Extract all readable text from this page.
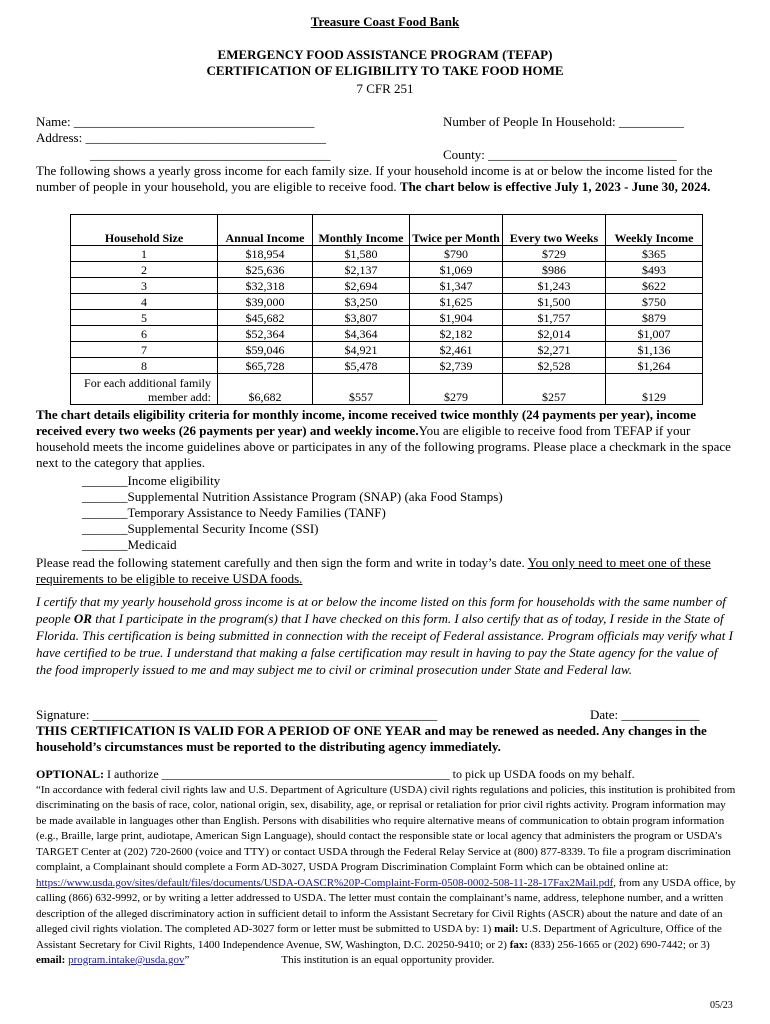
Treasure Coast Food Bank
EMERGENCY FOOD ASSISTANCE PROGRAM (TEFAP)
CERTIFICATION OF ELIGIBILITY TO TAKE FOOD HOME
7 CFR 251
Name: _____________________________________	Number of People In Household: __________
Address: _____________________________________
_____________________________________	County: _____________________________
The following shows a yearly gross income for each family size. If your household income is at or below the income listed for the number of people in your household, you are eligible to receive food. The chart below is effective July 1, 2023 - June 30, 2024.
Household Size	Annual Income	Monthly Income	Twice per Month	Every two Weeks	Weekly Income
1	$18,954	$1,580	$790	$729	$365
2	$25,636	$2,137	$1,069	$986	$493
3	$32,318	$2,694	$1,347	$1,243	$622
4	$39,000	$3,250	$1,625	$1,500	$750
5	$45,682	$3,807	$1,904	$1,757	$879
6	$52,364	$4,364	$2,182	$2,014	$1,007
7	$59,046	$4,921	$2,461	$2,271	$1,136
8	$65,728	$5,478	$2,739	$2,528	$1,264
For each additional family member add:	$6,682	$557	$279	$257	$129
The chart details eligibility criteria for monthly income, income received twice monthly (24 payments per year), income received every two weeks (26 payments per year) and weekly income.You are eligible to receive food from TEFAP if your household meets the income guidelines above or participates in any of the following programs. Please place a checkmark in the space next to the category that applies.
_______Income eligibility
_______Supplemental Nutrition Assistance Program (SNAP) (aka Food Stamps)
_______Temporary Assistance to Needy Families (TANF)
_______Supplemental Security Income (SSI)
_______Medicaid
Please read the following statement carefully and then sign the form and write in today’s date. You only need to meet one of these requirements to be eligible to receive USDA foods.
I certify that my yearly household gross income is at or below the income listed on this form for households with the same number of people OR that I participate in the program(s) that I have checked on this form. I also certify that as of today, I reside in the State of Florida. This certification is being submitted in connection with the receipt of Federal assistance. Program officials may verify what I have certified to be true. I understand that making a false certification may result in having to pay the State agency for the value of the food improperly issued to me and may subject me to civil or criminal prosecution under State and Federal law.
Signature: _____________________________________________________	Date: ____________
THIS CERTIFICATION IS VALID FOR A PERIOD OF ONE YEAR and may be renewed as needed. Any changes in the household’s circumstances must be reported to the distributing agency immediately.
OPTIONAL: I authorize ________________________________________________ to pick up USDA foods on my behalf.
“In accordance with federal civil rights law and U.S. Department of Agriculture (USDA) civil rights regulations and policies, this institution is prohibited from discriminating on the basis of race, color, national origin, sex, disability, age, or reprisal or retaliation for prior civil rights activity. Program information may be made available in languages other than English. Persons with disabilities who require alternative means of communication to obtain program information (e.g., Braille, large print, audiotape, American Sign Language), should contact the responsible state or local agency that administers the program or USDA’s TARGET Center at (202) 720-2600 (voice and TTY) or contact USDA through the Federal Relay Service at (800) 877-8339. To file a program discrimination complaint, a Complainant should complete a Form AD-3027, USDA Program Discrimination Complaint Form which can be obtained online at: https://www.usda.gov/sites/default/files/documents/USDA-OASCR%20P-Complaint-Form-0508-0002-508-11-28-17Fax2Mail.pdf, from any USDA office, by calling (866) 632-9992, or by writing a letter addressed to USDA. The letter must contain the complainant’s name, address, telephone number, and a written description of the alleged discriminatory action in sufficient detail to inform the Assistant Secretary for Civil Rights (ASCR) about the nature and date of an alleged civil rights violation. The completed AD-3027 form or letter must be submitted to USDA by: 1) mail: U.S. Department of Agriculture, Office of the Assistant Secretary for Civil Rights, 1400 Independence Avenue, SW, Washington, D.C. 20250-9410; or 2) fax: (833) 256-1665 or (202) 690-7442; or 3) email: program.intake@usda.gov”	This institution is an equal opportunity provider.
05/23
